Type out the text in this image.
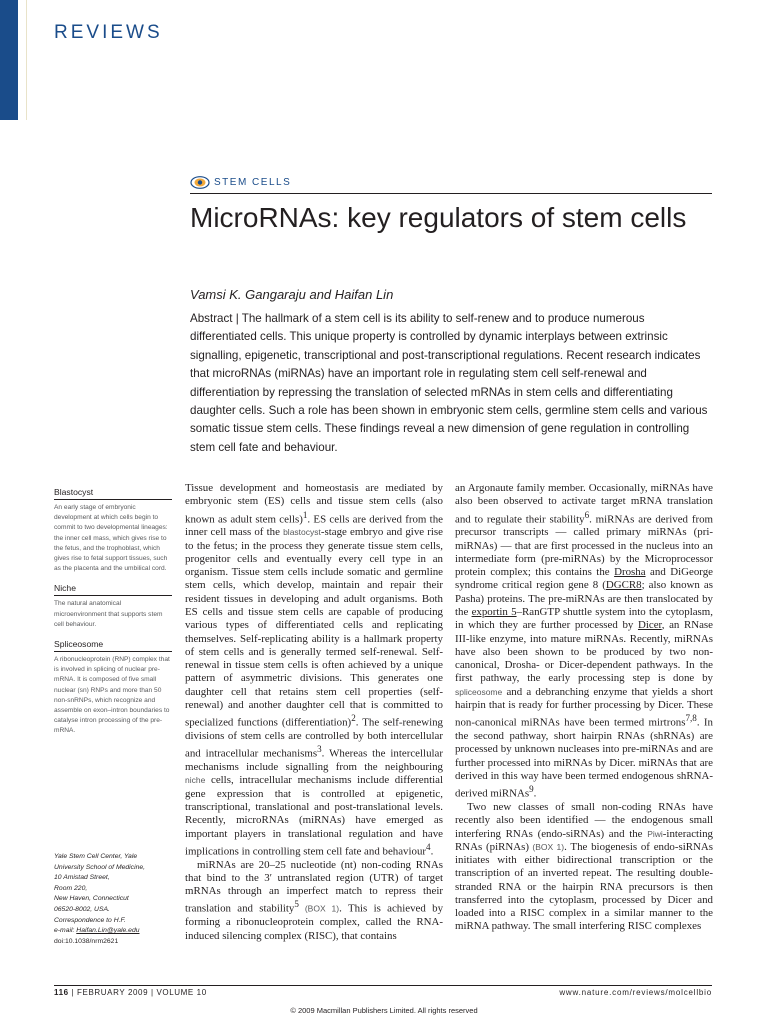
REVIEWS
STEM CELLS
MicroRNAs: key regulators of stem cells
Vamsi K. Gangaraju and Haifan Lin

Abstract | The hallmark of a stem cell is its ability to self-renew and to produce numerous differentiated cells. This unique property is controlled by dynamic interplays between extrinsic signalling, epigenetic, transcriptional and post-transcriptional regulations. Recent research indicates that microRNAs (miRNAs) have an important role in regulating stem cell self-renewal and differentiation by repressing the translation of selected mRNAs in stem cells and differentiating daughter cells. Such a role has been shown in embryonic stem cells, germline stem cells and various somatic tissue stem cells. These findings reveal a new dimension of gene regulation in controlling stem cell fate and behaviour.

Blastocyst
An early stage of embryonic development at which cells begin to commit to two developmental lineages: the inner cell mass, which gives rise to the fetus, and the trophoblast, which gives rise to fetal support tissues, such as the placenta and the umbilical cord.
Niche
The natural anatomical microenvironment that supports stem cell behaviour.
Spliceosome
A ribonucleoprotein (RNP) complex that is involved in splicing of nuclear pre-mRNA. It is composed of five small nuclear (sn) RNPs and more than 50 non-snRNPs, which recognize and assemble on exon–intron boundaries to catalyse intron processing of the pre-mRNA.
Yale Stem Cell Center, Yale
University School of Medicine,
10 Amistad Street,
Room 220,
New Haven, Connecticut
06520-8002, USA.
Correspondence to H.F.
e-mail: Haifan.Lin@yale.edu
doi:10.1038/nrm2621

Tissue development and homeostasis are mediated by embryonic stem (ES) cells and tissue stem cells (also known as adult stem cells)$^1$. ES cells are derived from the inner cell mass of the blastocyst-stage embryo and give rise to the fetus; in the process they generate tissue stem cells, progenitor cells and eventually every cell type in an organism. Tissue stem cells include somatic and germline stem cells, which develop, maintain and repair their resident tissues in developing and adult organisms. Both ES cells and tissue stem cells are capable of producing various types of differentiated cells and replicating themselves. Self-replicating ability is a hallmark property of stem cells and is generally termed self-renewal. Self-renewal in tissue stem cells is often achieved by a unique pattern of asymmetric divisions. This generates one daughter cell that retains stem cell properties (self-renewal) and another daughter cell that is committed to specialized functions (differentiation)$^2$. The self-renewing divisions of stem cells are controlled by both intercellular and intracellular mechanisms$^3$. Whereas the intercellular mechanisms include signalling from the neighbouring niche cells, intracellular mechanisms include differential gene expression that is controlled at epigenetic, transcriptional, translational and post-translational levels. Recently, microRNAs (miRNAs) have emerged as important players in translational regulation and have implications in controlling stem cell fate and behaviour$^4$.

miRNAs are 20–25 nucleotide (nt) non-coding RNAs that bind to the 3′ untranslated region (UTR) of target mRNAs through an imperfect match to repress their translation and stability$^5$ (BOX 1). This is achieved by forming a ribonucleoprotein complex, called the RNA-induced silencing complex (RISC), that contains

an Argonaute family member. Occasionally, miRNAs have also been observed to activate target mRNA translation and to regulate their stability$^6$. miRNAs are derived from precursor transcripts — called primary miRNAs (pri-miRNAs) — that are first processed in the nucleus into an intermediate form (pre-miRNAs) by the Microprocessor protein complex; this contains the Drosha and DiGeorge syndrome critical region gene 8 (DGCR8; also known as Pasha) proteins. The pre-miRNAs are then translocated by the exportin 5–RanGTP shuttle system into the cytoplasm, in which they are further processed by Dicer, an RNase III-like enzyme, into mature miRNAs. Recently, miRNAs have also been shown to be produced by two non-canonical, Drosha- or Dicer-dependent pathways. In the first pathway, the early processing step is done by spliceosome and a debranching enzyme that yields a short hairpin that is ready for further processing by Dicer. These non-canonical miRNAs have been termed mirtrons$^{7,8}$. In the second pathway, short hairpin RNAs (shRNAs) are processed by unknown nucleases into pre-miRNAs and are further processed into miRNAs by Dicer. miRNAs that are derived in this way have been termed endogenous shRNA-derived miRNAs$^9$.

Two new classes of small non-coding RNAs have recently also been identified — the endogenous small interfering RNAs (endo-siRNAs) and the Piwi-interacting RNAs (piRNAs) (BOX 1). The biogenesis of endo-siRNAs initiates with either bidirectional transcription or the transcription of an inverted repeat. The resulting double-stranded RNA or the hairpin RNA precursors is then transferred into the cytoplasm, processed by Dicer and loaded into a RISC complex in a similar manner to the miRNA pathway. The small interfering RISC complexes

116 | FEBRUARY 2009 | VOLUME 10	www.nature.com/reviews/molcellbio
© 2009 Macmillan Publishers Limited. All rights reserved
